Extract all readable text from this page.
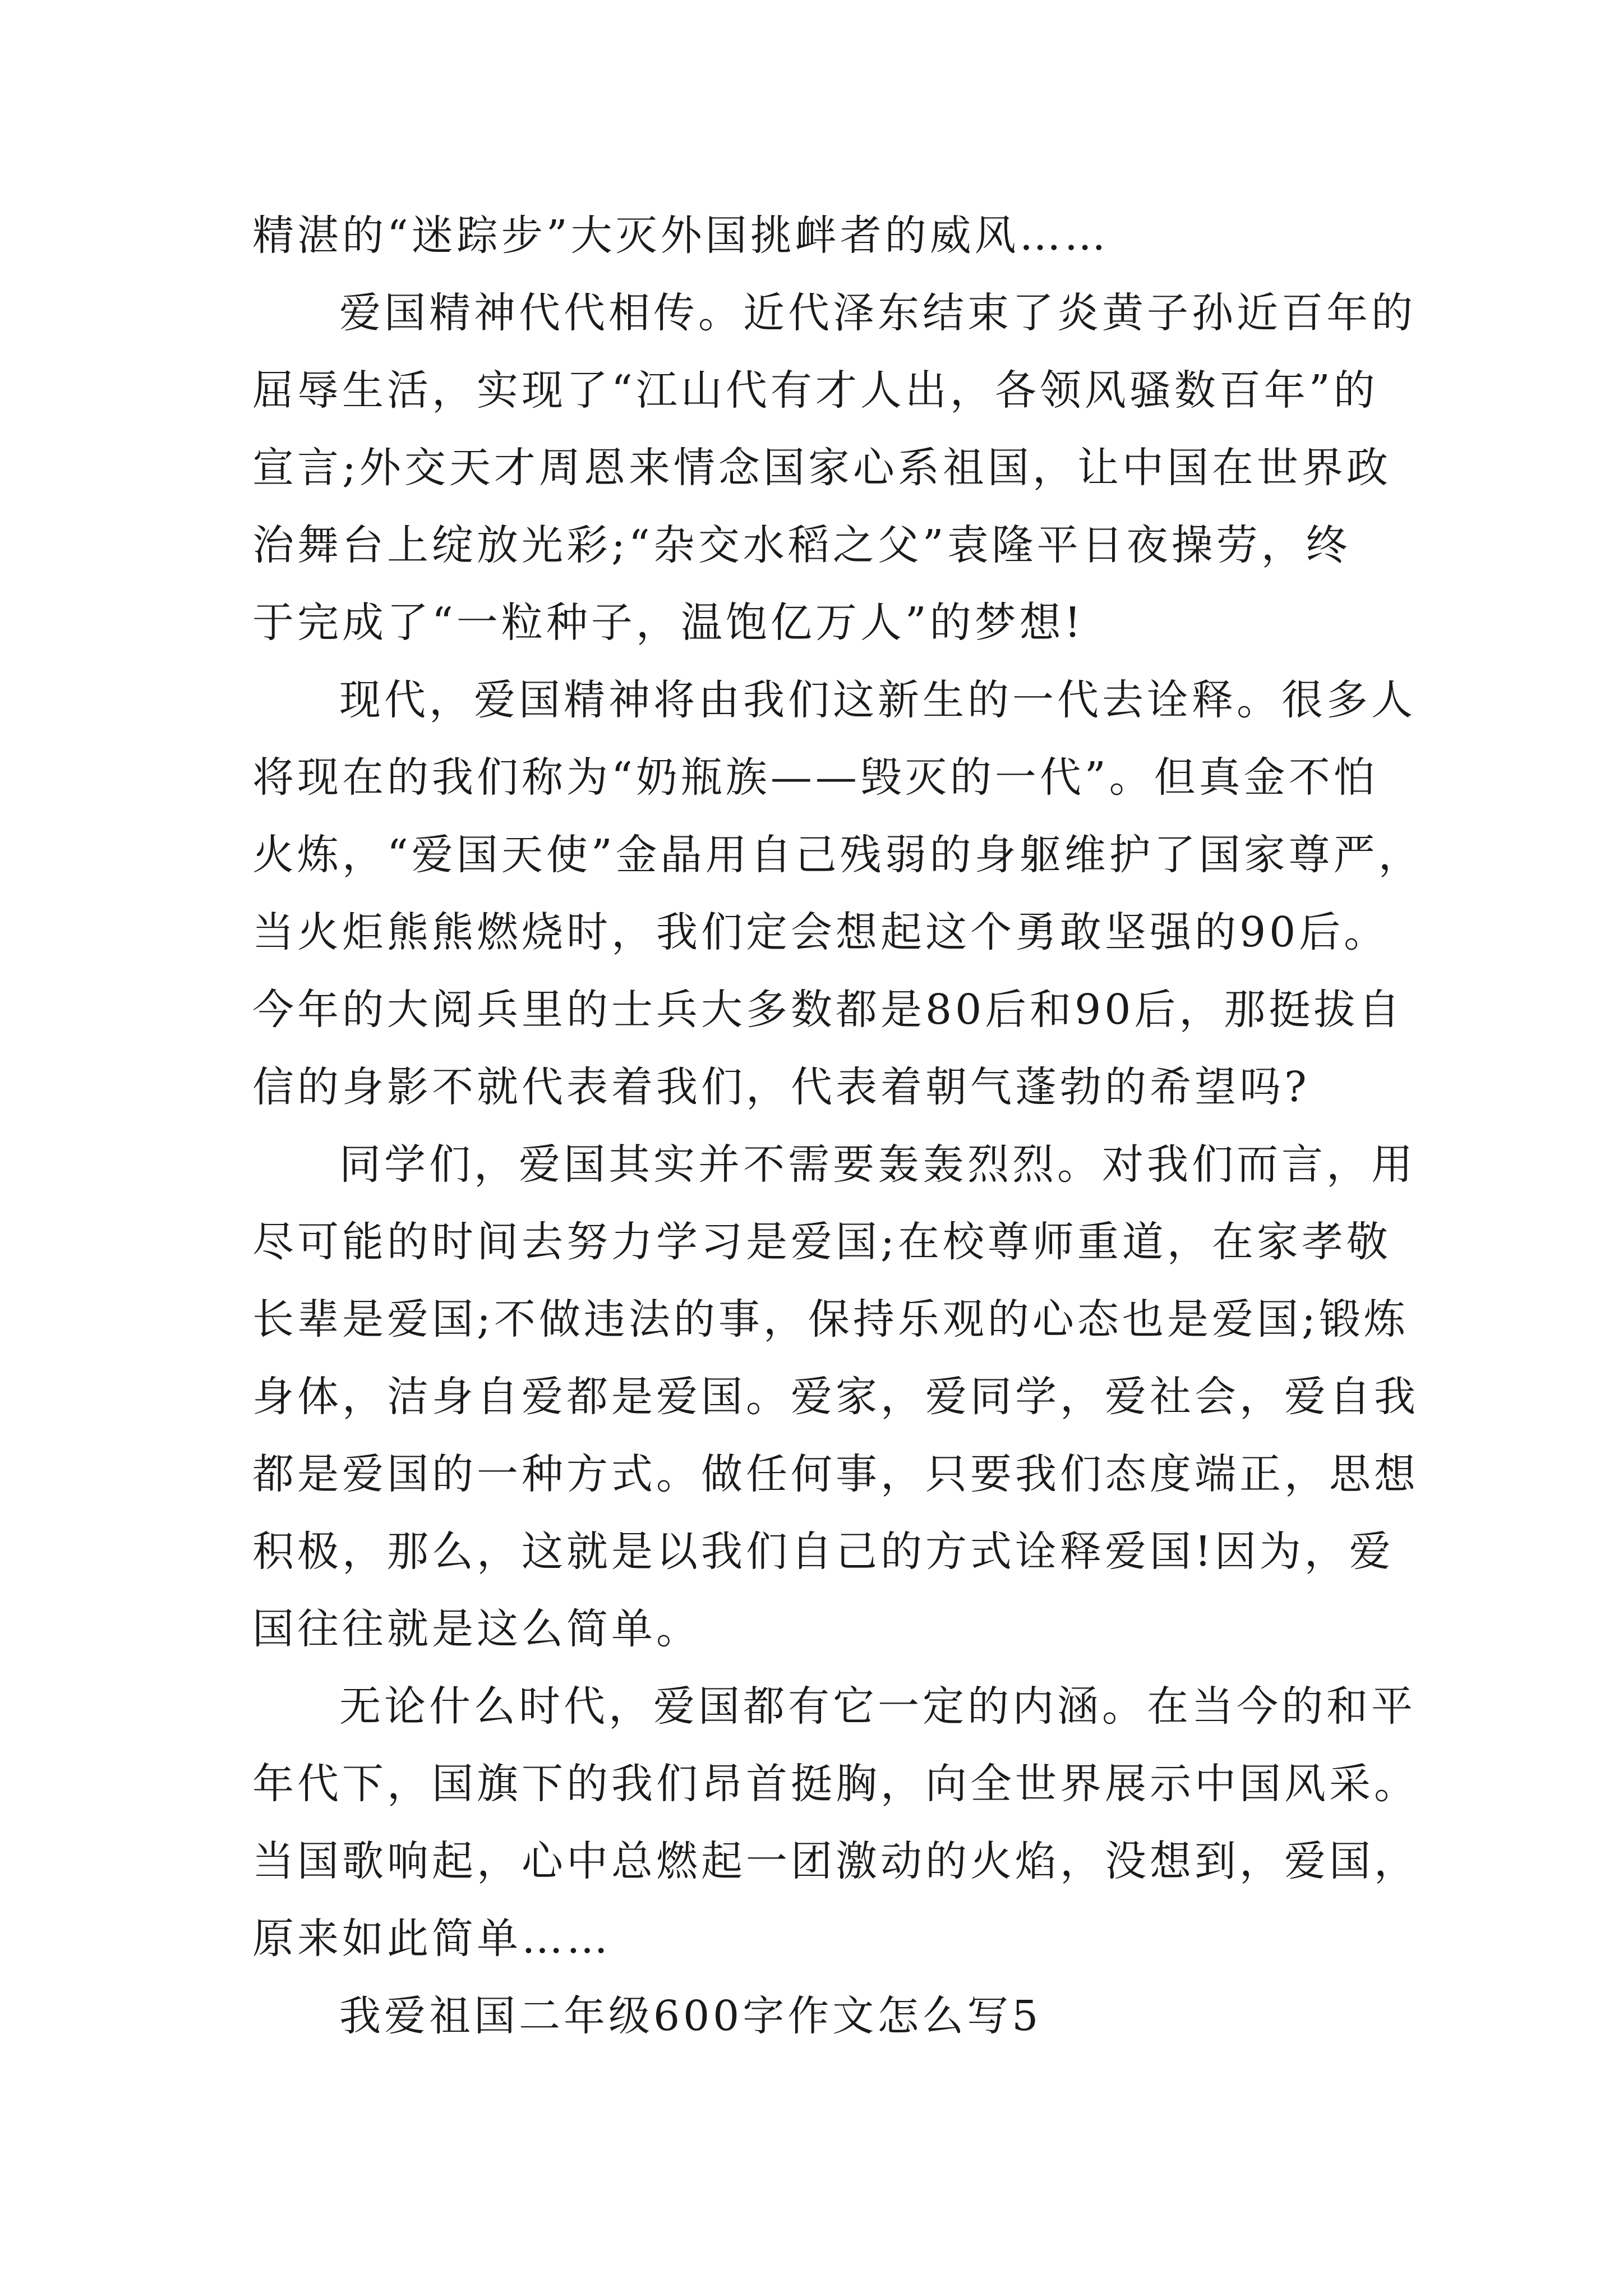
精湛的“迷踪步”大灭外国挑衅者的威风……
爱国精神代代相传。近代泽东结束了炎黄子孙近百年的
屈辱生活，实现了“江山代有才人出，各领风骚数百年”的
宣言;外交天才周恩来情念国家心系祖国，让中国在世界政
治舞台上绽放光彩;“杂交水稻之父”袁隆平日夜操劳，终
于完成了“一粒种子，温饱亿万人”的梦想!
现代，爱国精神将由我们这新生的一代去诠释。很多人
将现在的我们称为“奶瓶族——毁灭的一代”。但真金不怕
火炼，“爱国天使”金晶用自己残弱的身躯维护了国家尊严，
当火炬熊熊燃烧时，我们定会想起这个勇敢坚强的90后。
今年的大阅兵里的士兵大多数都是80后和90后，那挺拔自
信的身影不就代表着我们，代表着朝气蓬勃的希望吗?
同学们，爱国其实并不需要轰轰烈烈。对我们而言，用
尽可能的时间去努力学习是爱国;在校尊师重道，在家孝敬
长辈是爱国;不做违法的事，保持乐观的心态也是爱国;锻炼
身体，洁身自爱都是爱国。爱家，爱同学，爱社会，爱自我
都是爱国的一种方式。做任何事，只要我们态度端正，思想
积极，那么，这就是以我们自己的方式诠释爱国!因为，爱
国往往就是这么简单。
无论什么时代，爱国都有它一定的内涵。在当今的和平
年代下，国旗下的我们昂首挺胸，向全世界展示中国风采。
当国歌响起，心中总燃起一团激动的火焰，没想到，爱国，
原来如此简单……
我爱祖国二年级600字作文怎么写5
